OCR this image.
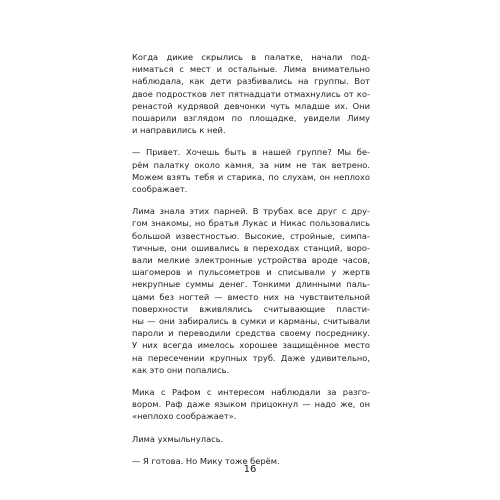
Когда дикие скрылись в палатке, начали под-
ниматься с мест и остальные. Лима внимательно
наблюдала, как дети разбивались на группы. Вот
двое подростков лет пятнадцати отмахнулись от ко-
ренастой кудрявой девчонки чуть младше их. Они
пошарили взглядом по площадке, увидели Лиму
и направились к ней.
— Привет. Хочешь быть в нашей группе? Мы бе-
рём палатку около камня, за ним не так ветрено.
Можем взять тебя и старика, по слухам, он неплохо
соображает.
Лима знала этих парней. В трубах все друг с дру-
гом знакомы, но братья Лукас и Никас пользовались
большой известностью. Высокие, стройные, симпа-
тичные, они ошивались в переходах станций, воро-
вали мелкие электронные устройства вроде часов,
шагомеров и пульсометров и списывали у жертв
некрупные суммы денег. Тонкими длинными паль-
цами без ногтей — вместо них на чувствительной
поверхности вживлялись считывающие пласти-
ны — они забирались в сумки и карманы, считывали
пароли и переводили средства своему посреднику.
У них всегда имелось хорошее защищённое место
на пересечении крупных труб. Даже удивительно,
как это они попались.
Мика с Рафом с интересом наблюдали за разго-
вором. Раф даже языком прицокнул — надо же, он
«неплохо соображает».
Лима ухмыльнулась.
— Я готова. Но Мику тоже берём.
16
